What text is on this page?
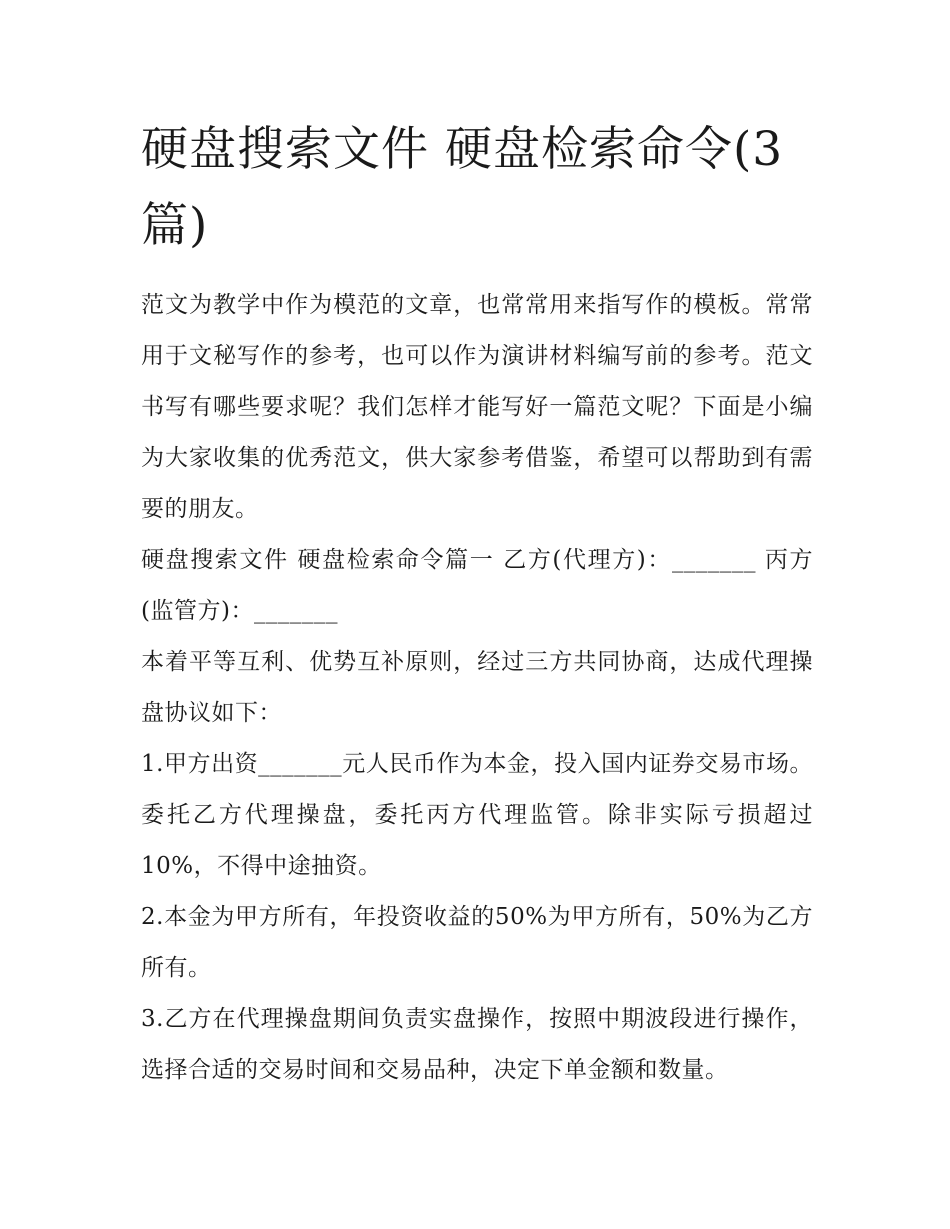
硬盘搜索文件 硬盘检索命令(3篇)

范文为教学中作为模范的文章，也常常用来指写作的模板。常常用于文秘写作的参考，也可以作为演讲材料编写前的参考。范文书写有哪些要求呢？我们怎样才能写好一篇范文呢？下面是小编为大家收集的优秀范文，供大家参考借鉴，希望可以帮助到有需要的朋友。

硬盘搜索文件 硬盘检索命令篇一 乙方(代理方)：_______ 丙方(监管方)：_______

本着平等互利、优势互补原则，经过三方共同协商，达成代理操盘协议如下：

1.甲方出资_______元人民币作为本金，投入国内证券交易市场。委托乙方代理操盘，委托丙方代理监管。除非实际亏损超过10%，不得中途抽资。

2.本金为甲方所有，年投资收益的50%为甲方所有，50%为乙方所有。

3.乙方在代理操盘期间负责实盘操作，按照中期波段进行操作，选择合适的交易时间和交易品种，决定下单金额和数量。
